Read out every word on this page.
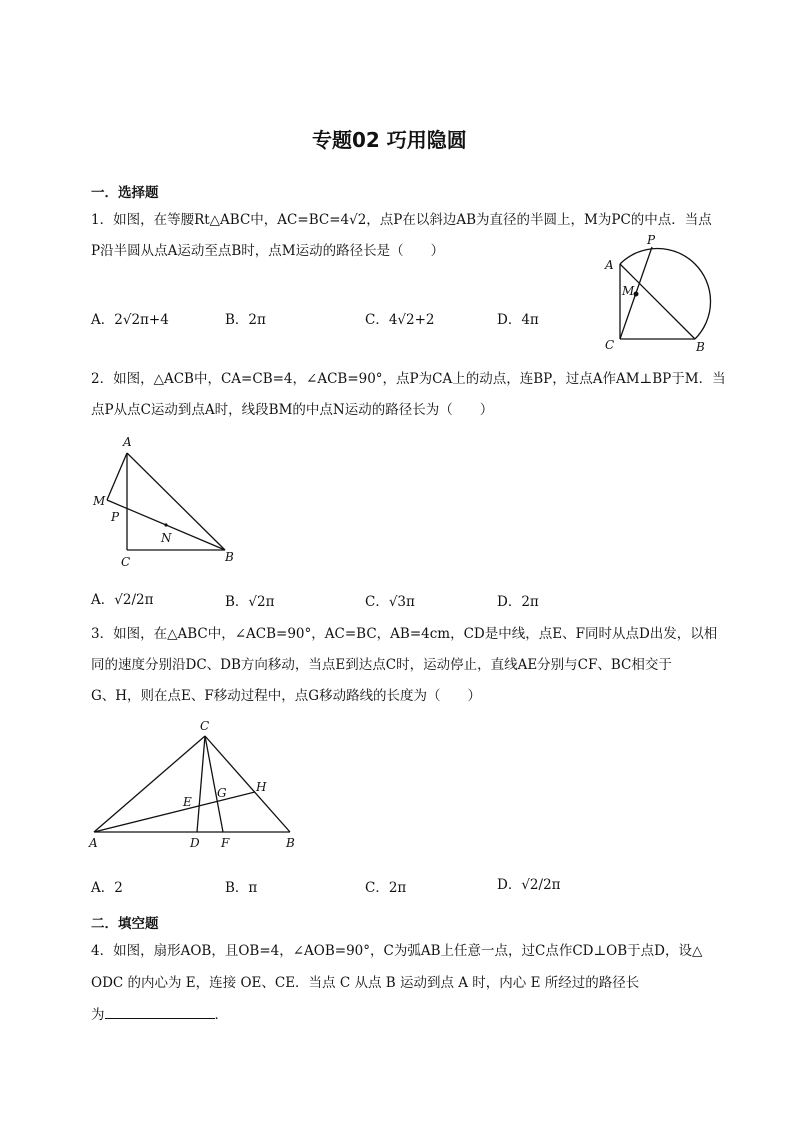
专题02 巧用隐圆
一．选择题
1．如图，在等腰Rt△ABC中，AC=BC=4√2，点P在以斜边AB为直径的半圆上，M为PC的中点．当点
P沿半圆从点A运动至点B时，点M运动的路径长是（　　）
A．2√2π+4	B．2π	C．4√2+2	D．4π
A
P
M
C	B
2．如图，△ACB中，CA=CB=4，∠ACB=90°，点P为CA上的动点，连BP，过点A作AM⊥BP于M．当
点P从点C运动到点A时，线段BM的中点N运动的路径长为（　　）
A
M
P
N
C	B
A．√2/2π	B．√2π	C．√3π	D．2π
3．如图，在△ABC中，∠ACB=90°，AC=BC，AB=4cm，CD是中线，点E、F同时从点D出发，以相
同的速度分别沿DC、DB方向移动，当点E到达点C时，运动停止，直线AE分别与CF、BC相交于
G、H，则在点E、F移动过程中，点G移动路线的长度为（　　）
C
H
G
E
A	D F	B
A．2	B．π	C．2π	D．√2/2π
二．填空题
4．如图，扇形AOB，且OB=4，∠AOB=90°，C为弧AB上任意一点，过C点作CD⊥OB于点D，设△
ODC 的内心为 E，连接 OE、CE．当点 C 从点 B 运动到点 A 时，内心 E 所经过的路径长
为	．
